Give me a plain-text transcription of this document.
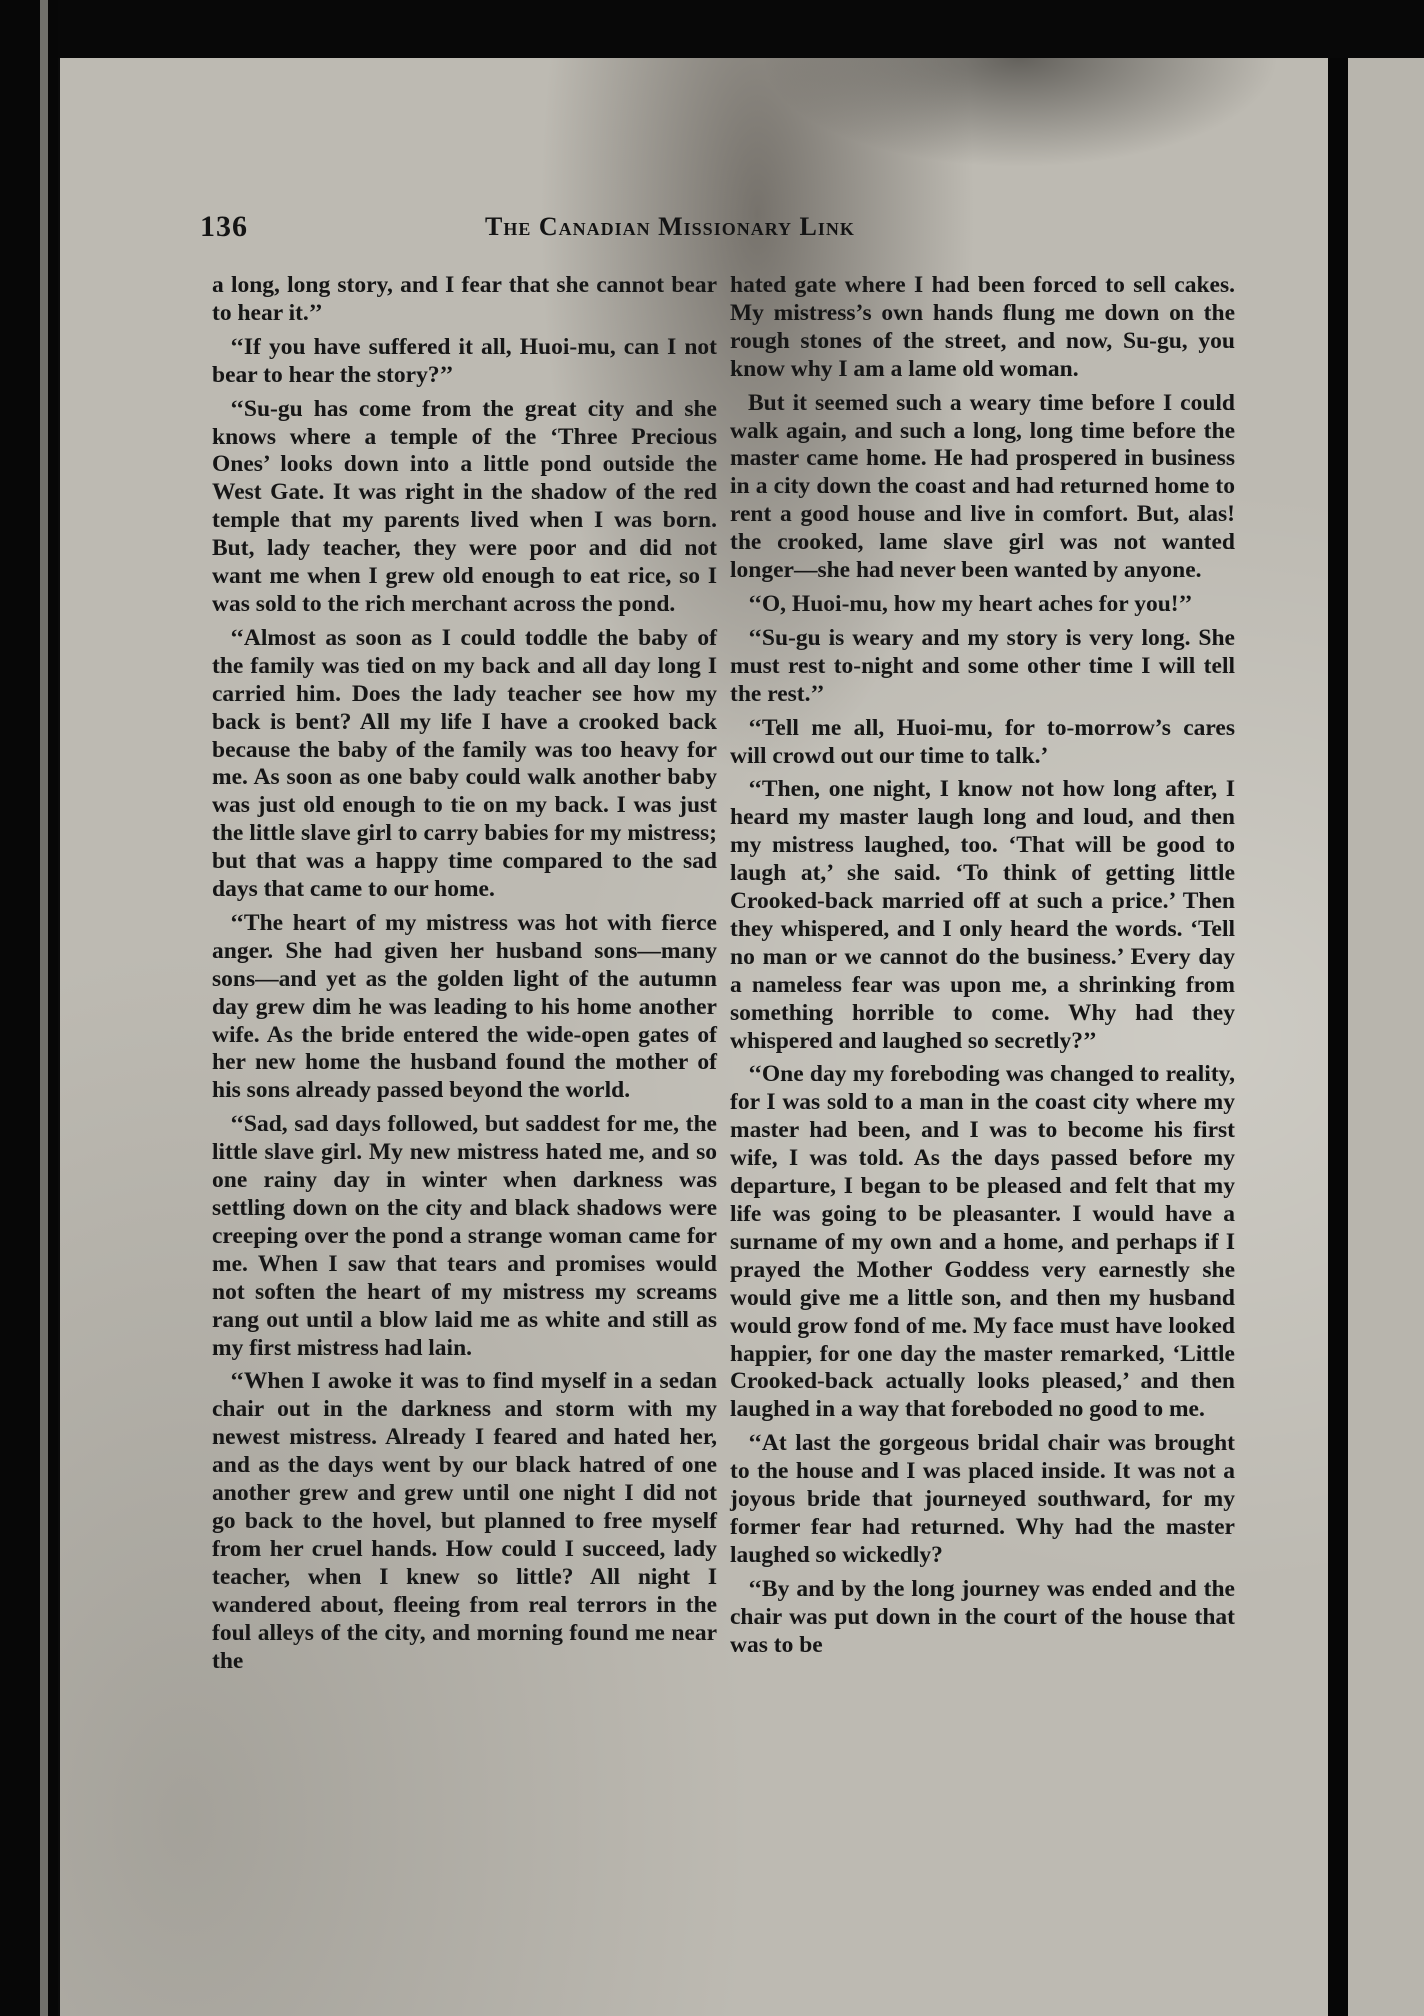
136	The Canadian Missionary Link

a long, long story, and I fear that she cannot bear to hear it.’’

‘‘If you have suffered it all, Huoi-mu, can I not bear to hear the story?’’

‘‘Su-gu has come from the great city and she knows where a temple of the ‘Three Precious Ones’ looks down into a little pond outside the West Gate. It was right in the shadow of the red temple that my parents lived when I was born. But, lady teacher, they were poor and did not want me when I grew old enough to eat rice, so I was sold to the rich merchant across the pond.

‘‘Almost as soon as I could toddle the baby of the family was tied on my back and all day long I carried him. Does the lady teacher see how my back is bent? All my life I have a crooked back because the baby of the family was too heavy for me. As soon as one baby could walk another baby was just old enough to tie on my back. I was just the little slave girl to carry babies for my mistress; but that was a happy time compared to the sad days that came to our home.

‘‘The heart of my mistress was hot with fierce anger. She had given her husband sons—many sons—and yet as the golden light of the autumn day grew dim he was leading to his home another wife. As the bride entered the wide-open gates of her new home the husband found the mother of his sons already passed beyond the world.

‘‘Sad, sad days followed, but saddest for me, the little slave girl. My new mistress hated me, and so one rainy day in winter when darkness was settling down on the city and black shadows were creeping over the pond a strange woman came for me. When I saw that tears and promises would not soften the heart of my mistress my screams rang out until a blow laid me as white and still as my first mistress had lain.

‘‘When I awoke it was to find myself in a sedan chair out in the darkness and storm with my newest mistress. Already I feared and hated her, and as the days went by our black hatred of one another grew and grew until one night I did not go back to the hovel, but planned to free myself from her cruel hands. How could I succeed, lady teacher, when I knew so little? All night I wandered about, fleeing from real terrors in the foul alleys of the city, and morning found me near the

hated gate where I had been forced to sell cakes. My mistress’s own hands flung me down on the rough stones of the street, and now, Su-gu, you know why I am a lame old woman.

But it seemed such a weary time before I could walk again, and such a long, long time before the master came home. He had prospered in business in a city down the coast and had returned home to rent a good house and live in comfort. But, alas! the crooked, lame slave girl was not wanted longer—she had never been wanted by anyone.

‘‘O, Huoi-mu, how my heart aches for you!’’

‘‘Su-gu is weary and my story is very long. She must rest to-night and some other time I will tell the rest.’’

‘‘Tell me all, Huoi-mu, for to-morrow’s cares will crowd out our time to talk.’

‘‘Then, one night, I know not how long after, I heard my master laugh long and loud, and then my mistress laughed, too. ‘That will be good to laugh at,’ she said. ‘To think of getting little Crooked-back married off at such a price.’ Then they whispered, and I only heard the words. ‘Tell no man or we cannot do the business.’ Every day a nameless fear was upon me, a shrinking from something horrible to come. Why had they whispered and laughed so secretly?’’

‘‘One day my foreboding was changed to reality, for I was sold to a man in the coast city where my master had been, and I was to become his first wife, I was told. As the days passed before my departure, I began to be pleased and felt that my life was going to be pleasanter. I would have a surname of my own and a home, and perhaps if I prayed the Mother Goddess very earnestly she would give me a little son, and then my husband would grow fond of me. My face must have looked happier, for one day the master remarked, ‘Little Crooked-back actually looks pleased,’ and then laughed in a way that foreboded no good to me.

‘‘At last the gorgeous bridal chair was brought to the house and I was placed inside. It was not a joyous bride that journeyed southward, for my former fear had returned. Why had the master laughed so wickedly?

‘‘By and by the long journey was ended and the chair was put down in the court of the house that was to be
